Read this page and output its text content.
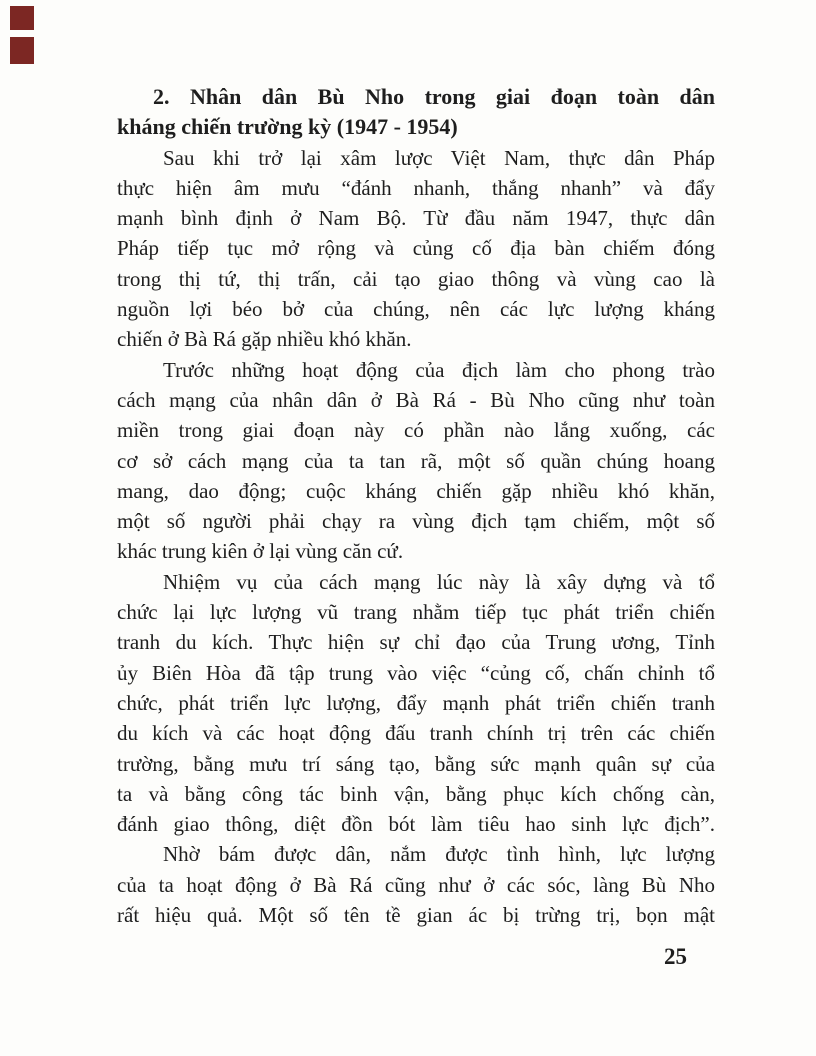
2. Nhân dân Bù Nho trong giai đoạn toàn dân
kháng chiến trường kỳ (1947 - 1954)
Sau khi trở lại xâm lược Việt Nam, thực dân Pháp
thực hiện âm mưu “đánh nhanh, thắng nhanh” và đẩy
mạnh bình định ở Nam Bộ. Từ đầu năm 1947, thực dân
Pháp tiếp tục mở rộng và củng cố địa bàn chiếm đóng
trong thị tứ, thị trấn, cải tạo giao thông và vùng cao là
nguồn lợi béo bở của chúng, nên các lực lượng kháng
chiến ở Bà Rá gặp nhiều khó khăn.
Trước những hoạt động của địch làm cho phong trào
cách mạng của nhân dân ở Bà Rá - Bù Nho cũng như toàn
miền trong giai đoạn này có phần nào lắng xuống, các
cơ sở cách mạng của ta tan rã, một số quần chúng hoang
mang, dao động; cuộc kháng chiến gặp nhiều khó khăn,
một số người phải chạy ra vùng địch tạm chiếm, một số
khác trung kiên ở lại vùng căn cứ.
Nhiệm vụ của cách mạng lúc này là xây dựng và tổ
chức lại lực lượng vũ trang nhằm tiếp tục phát triển chiến
tranh du kích. Thực hiện sự chỉ đạo của Trung ương, Tỉnh
ủy Biên Hòa đã tập trung vào việc “củng cố, chấn chỉnh tổ
chức, phát triển lực lượng, đẩy mạnh phát triển chiến tranh
du kích và các hoạt động đấu tranh chính trị trên các chiến
trường, bằng mưu trí sáng tạo, bằng sức mạnh quân sự của
ta và bằng công tác binh vận, bằng phục kích chống càn,
đánh giao thông, diệt đồn bót làm tiêu hao sinh lực địch”.
Nhờ bám được dân, nắm được tình hình, lực lượng
của ta hoạt động ở Bà Rá cũng như ở các sóc, làng Bù Nho
rất hiệu quả. Một số tên tề gian ác bị trừng trị, bọn mật
25
